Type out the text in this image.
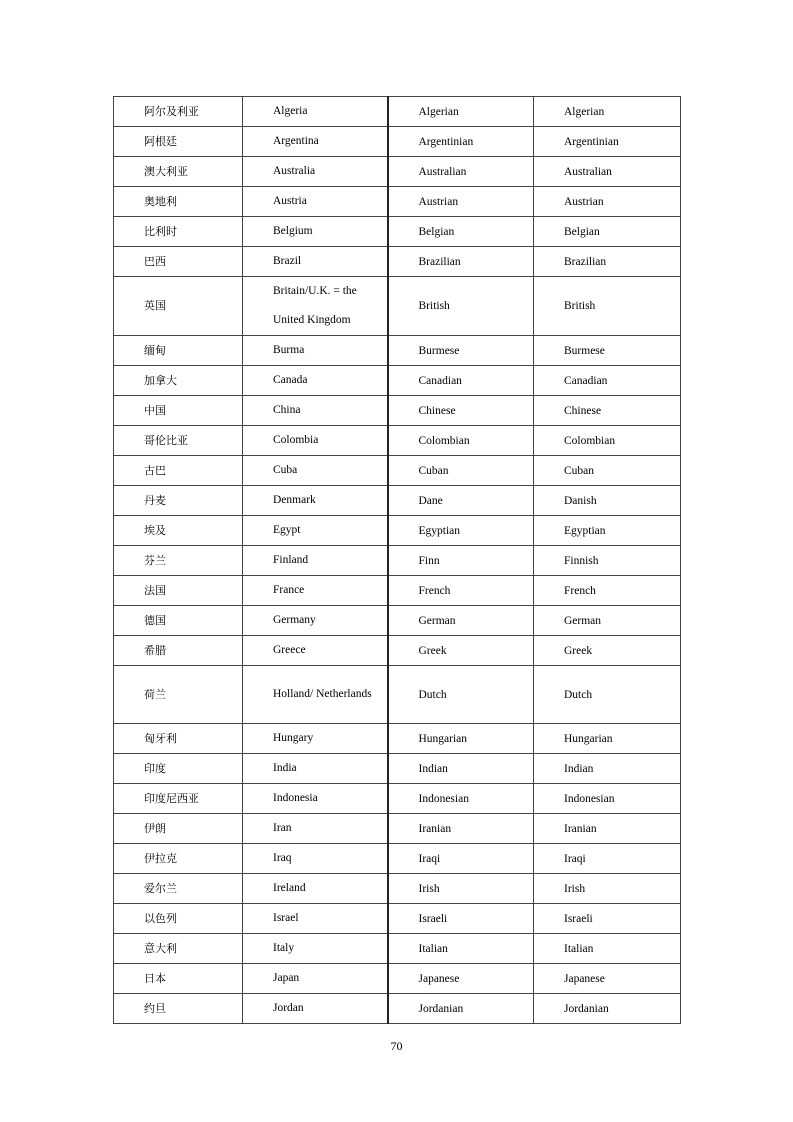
阿尔及利亚	Algeria	Algerian	Algerian
阿根廷	Argentina	Argentinian	Argentinian
澳大利亚	Australia	Australian	Australian
奥地利	Austria	Austrian	Austrian
比利时	Belgium	Belgian	Belgian
巴西	Brazil	Brazilian	Brazilian
英国	Britain/U.K. = the United Kingdom	British	British
缅甸	Burma	Burmese	Burmese
加拿大	Canada	Canadian	Canadian
中国	China	Chinese	Chinese
哥伦比亚	Colombia	Colombian	Colombian
古巴	Cuba	Cuban	Cuban
丹麦	Denmark	Dane	Danish
埃及	Egypt	Egyptian	Egyptian
芬兰	Finland	Finn	Finnish
法国	France	French	French
德国	Germany	German	German
希腊	Greece	Greek	Greek
荷兰	Holland/ Netherlands	Dutch	Dutch
匈牙利	Hungary	Hungarian	Hungarian
印度	India	Indian	Indian
印度尼西亚	Indonesia	Indonesian	Indonesian
伊朗	Iran	Iranian	Iranian
伊拉克	Iraq	Iraqi	Iraqi
爱尔兰	Ireland	Irish	Irish
以色列	Israel	Israeli	Israeli
意大利	Italy	Italian	Italian
日本	Japan	Japanese	Japanese
约旦	Jordan	Jordanian	Jordanian
70
